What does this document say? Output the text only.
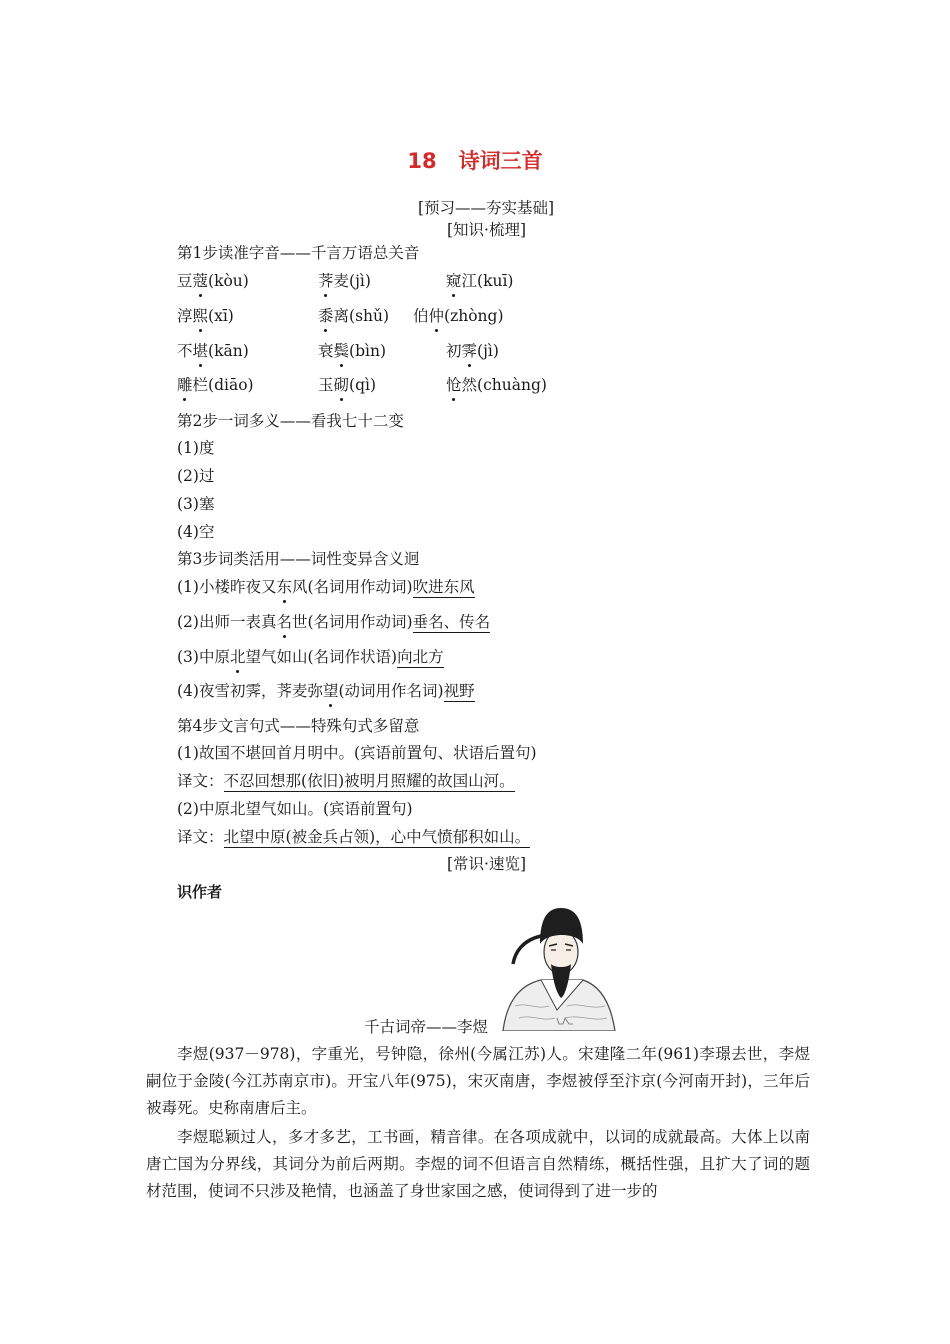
18 诗词三首
[预习——夯实基础]
[知识·梳理]
第1步读准字音——千言万语总关音
豆蔻(kòu)	荠麦(jì)	窥江(kuī)
淳熙(xī)	黍离(shǔ) 伯仲(zhòng)
不堪(kān)	衰鬓(bìn)	初霁(jì)
雕栏(diāo)	玉砌(qì)	怆然(chuàng)
第2步一词多义——看我七十二变
(1)度
(2)过
(3)塞
(4)空
第3步词类活用——词性变异含义迥
(1)小楼昨夜又东风(名词用作动词)吹进东风
(2)出师一表真名世(名词用作动词)垂名、传名
(3)中原北望气如山(名词作状语)向北方
(4)夜雪初霁，荠麦弥望(动词用作名词)视野
第4步文言句式——特殊句式多留意
(1)故国不堪回首月明中。(宾语前置句、状语后置句)
译文：不忍回想那(依旧)被明月照耀的故国山河。
(2)中原北望气如山。(宾语前置句)
译文：北望中原(被金兵占领)，心中气愤郁积如山。
[常识·速览]
识作者
千古词帝——李煜
李煜(937－978)，字重光，号钟隐，徐州(今属江苏)人。宋建隆二年(961)李璟去世，李煜嗣位于金陵(今江苏南京市)。开宝八年(975)，宋灭南唐，李煜被俘至汴京(今河南开封)，三年后被毒死。史称南唐后主。
李煜聪颖过人，多才多艺，工书画，精音律。在各项成就中，以词的成就最高。大体上以南唐亡国为分界线，其词分为前后两期。李煜的词不但语言自然精练，概括性强，且扩大了词的题材范围，使词不只涉及艳情，也涵盖了身世家国之感，使词得到了进一步的
